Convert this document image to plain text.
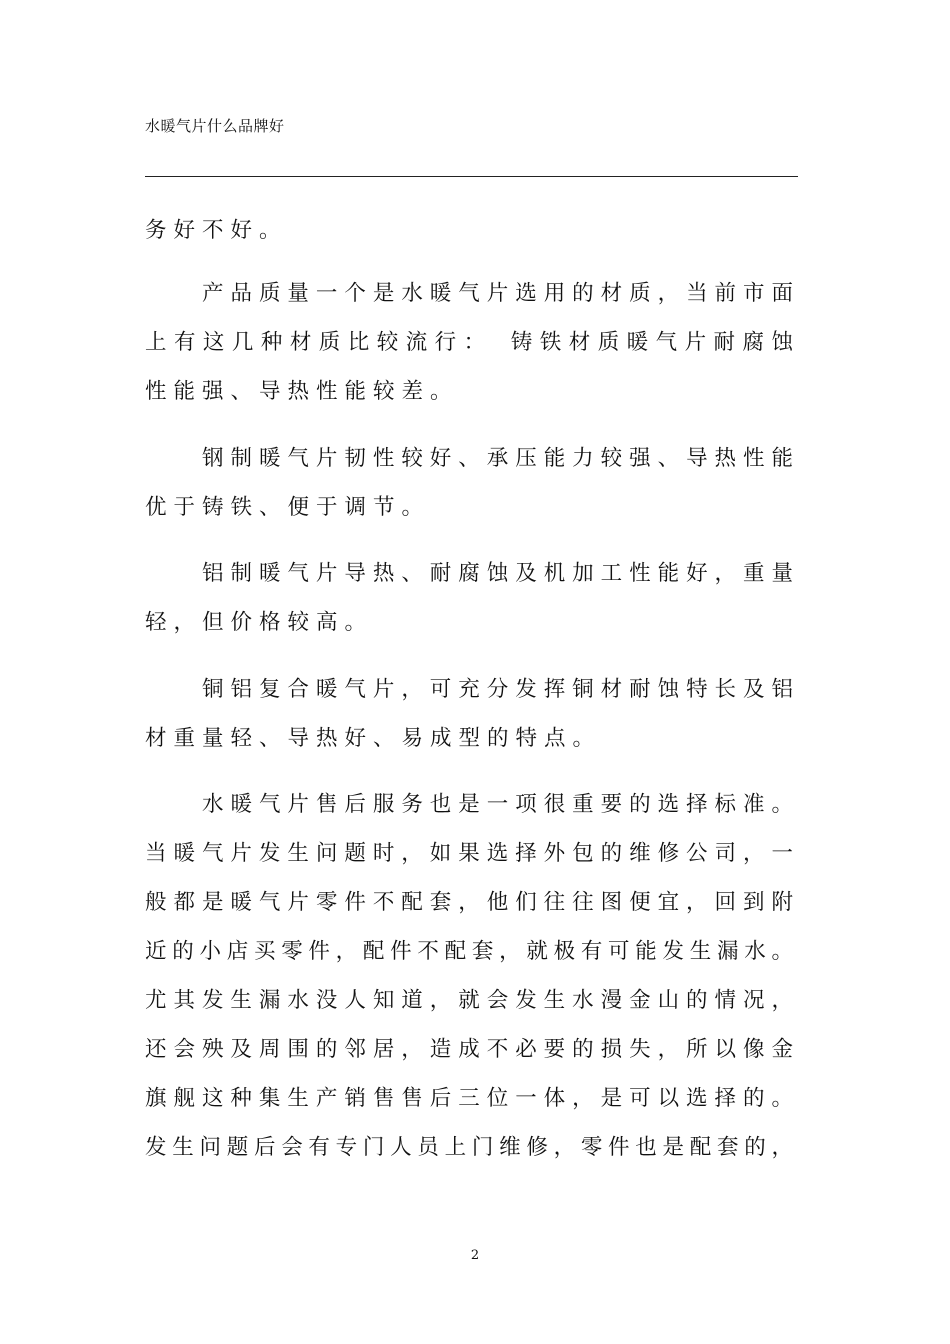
水暖气片什么品牌好
务好不好。
产品质量一个是水暖气片选用的材质，当前市面
上有这几种材质比较流行：　铸铁材质暖气片耐腐蚀
性能强、导热性能较差。
钢制暖气片韧性较好、承压能力较强、导热性能
优于铸铁、便于调节。
铝制暖气片导热、耐腐蚀及机加工性能好，重量
轻，但价格较高。
铜铝复合暖气片，可充分发挥铜材耐蚀特长及铝
材重量轻、导热好、易成型的特点。
水暖气片售后服务也是一项很重要的选择标准。
当暖气片发生问题时，如果选择外包的维修公司，一
般都是暖气片零件不配套，他们往往图便宜，回到附
近的小店买零件，配件不配套，就极有可能发生漏水。
尤其发生漏水没人知道，就会发生水漫金山的情况，
还会殃及周围的邻居，造成不必要的损失，所以像金
旗舰这种集生产销售售后三位一体，是可以选择的。
发生问题后会有专门人员上门维修，零件也是配套的，
2
